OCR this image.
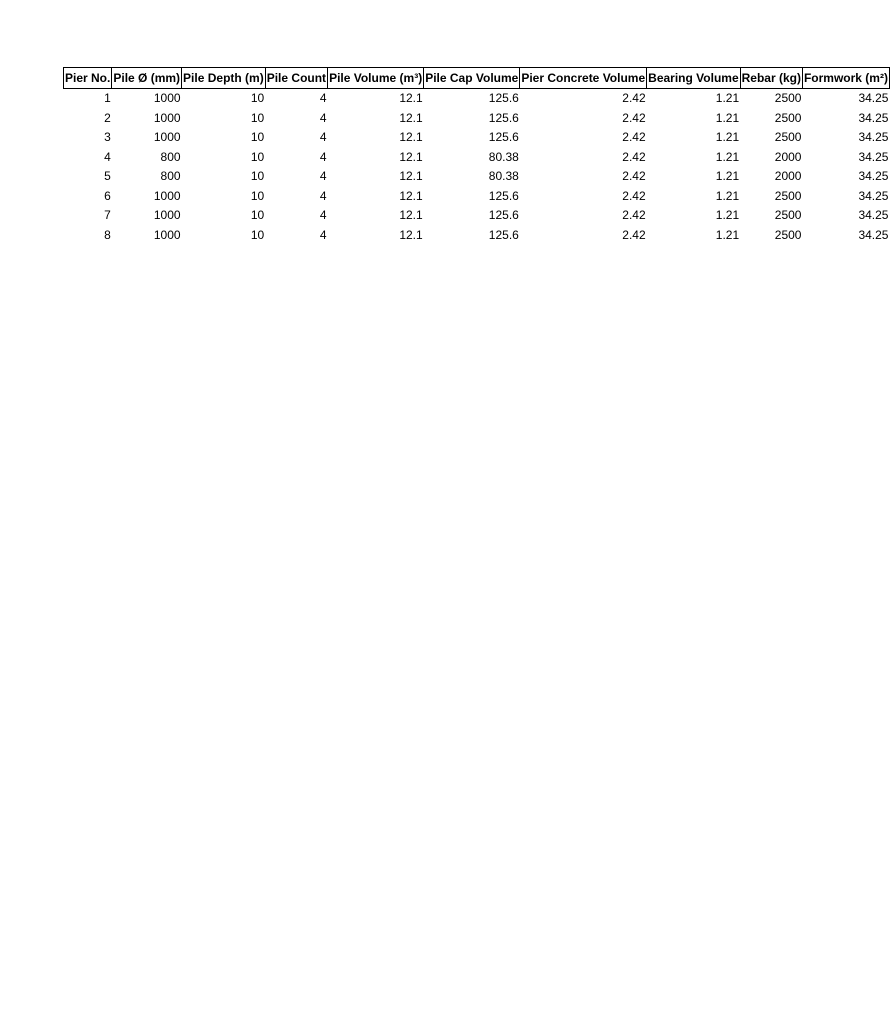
Pier No.	Pile Ø (mm)	Pile Depth (m)	Pile Count	Pile Volume (m³)	Pile Cap Volume	Pier Concrete Volume	Bearing Volume	Rebar (kg)	Formwork (m²)
1	1000	10	4	12.1	125.6	2.42	1.21	2500	34.25
2	1000	10	4	12.1	125.6	2.42	1.21	2500	34.25
3	1000	10	4	12.1	125.6	2.42	1.21	2500	34.25
4	800	10	4	12.1	80.38	2.42	1.21	2000	34.25
5	800	10	4	12.1	80.38	2.42	1.21	2000	34.25
6	1000	10	4	12.1	125.6	2.42	1.21	2500	34.25
7	1000	10	4	12.1	125.6	2.42	1.21	2500	34.25
8	1000	10	4	12.1	125.6	2.42	1.21	2500	34.25
